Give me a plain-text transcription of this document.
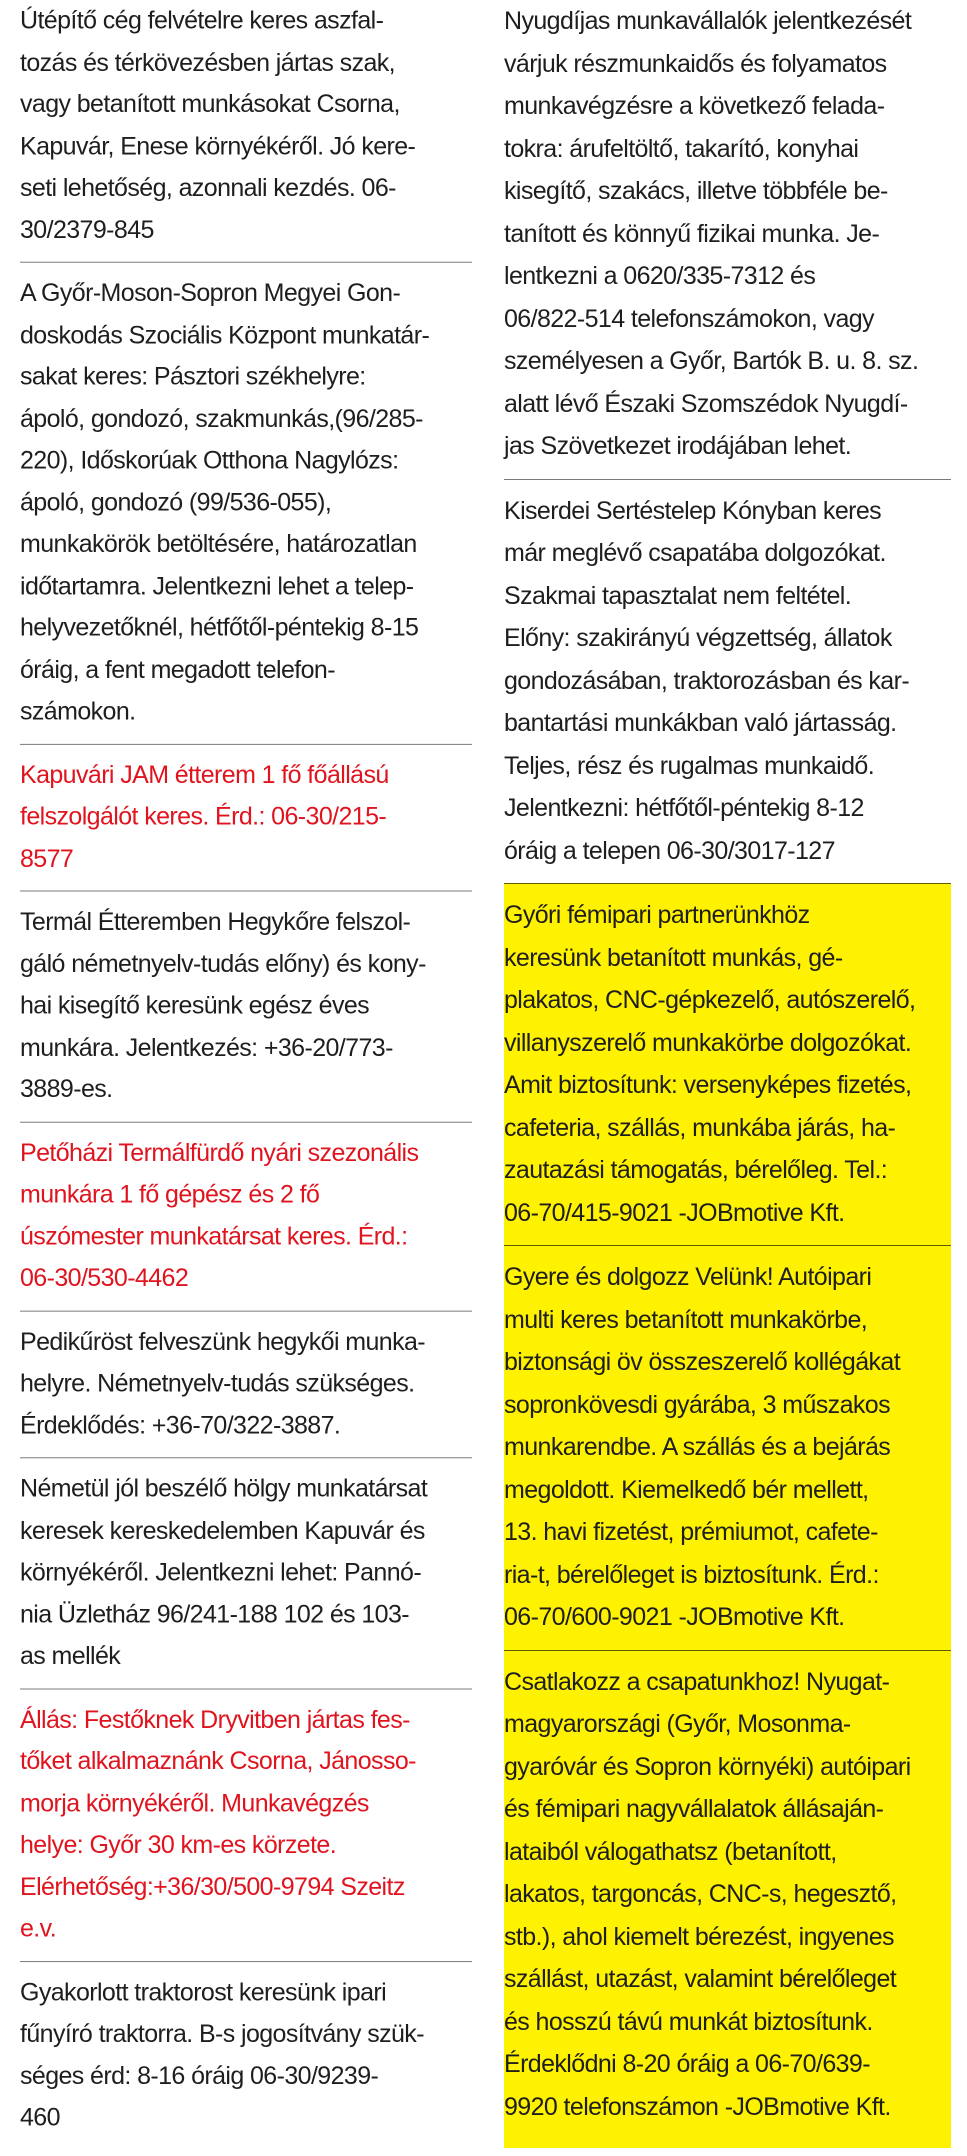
Útépítő cég felvételre keres aszfal-
tozás és térkövezésben jártas szak,
vagy betanított munkásokat Csorna,
Kapuvár, Enese környékéről. Jó kere-
seti lehetőség, azonnali kezdés. 06-
30/2379-845

A Győr-Moson-Sopron Megyei Gon-
doskodás Szociális Központ munkatár-
sakat keres: Pásztori székhelyre:
ápoló, gondozó, szakmunkás,(96/285-
220), Időskorúak Otthona Nagylózs:
ápoló, gondozó (99/536-055),
munkakörök betöltésére, határozatlan
időtartamra. Jelentkezni lehet a telep-
helyvezetőknél, hétfőtől-péntekig 8-15
óráig, a fent megadott telefon-
számokon.

Kapuvári JAM étterem 1 fő főállású
felszolgálót keres. Érd.: 06-30/215-
8577

Termál Étteremben Hegykőre felszol-
gáló németnyelv-tudás előny) és kony-
hai kisegítő keresünk egész éves
munkára. Jelentkezés: +36-20/773-
3889-es.

Petőházi Termálfürdő nyári szezonális
munkára 1 fő gépész és 2 fő
úszómester munkatársat keres. Érd.:
06-30/530-4462

Pedikűröst felveszünk hegykői munka-
helyre. Németnyelv-tudás szükséges.
Érdeklődés: +36-70/322-3887.

Németül jól beszélő hölgy munkatársat
keresek kereskedelemben Kapuvár és
környékéről. Jelentkezni lehet: Pannó-
nia Üzletház 96/241-188 102 és 103-
as mellék

Állás: Festőknek Dryvitben jártas fes-
tőket alkalmaznánk Csorna, Jánosso-
morja környékéről. Munkavégzés
helye: Győr 30 km-es körzete.
Elérhetőség:+36/30/500-9794 Szeitz
e.v.

Gyakorlott traktorost keresünk ipari
fűnyíró traktorra. B-s jogosítvány szük-
séges érd: 8-16 óráig 06-30/9239-
460

Nyugdíjas munkavállalók jelentkezését
várjuk részmunkaidős és folyamatos
munkavégzésre a következő felada-
tokra: árufeltöltő, takarító, konyhai
kisegítő, szakács, illetve többféle be-
tanított és könnyű fizikai munka. Je-
lentkezni a 0620/335-7312 és
06/822-514 telefonszámokon, vagy
személyesen a Győr, Bartók B. u. 8. sz.
alatt lévő Északi Szomszédok Nyugdí-
jas Szövetkezet irodájában lehet.

Kiserdei Sertéstelep Kónyban keres
már meglévő csapatába dolgozókat.
Szakmai tapasztalat nem feltétel.
Előny: szakirányú végzettség, állatok
gondozásában, traktorozásban és kar-
bantartási munkákban való jártasság.
Teljes, rész és rugalmas munkaidő.
Jelentkezni: hétfőtől-péntekig 8-12
óráig a telepen 06-30/3017-127

Győri fémipari partnerünkhöz
keresünk betanított munkás, gé-
plakatos, CNC-gépkezelő, autószerelő,
villanyszerelő munkakörbe dolgozókat.
Amit biztosítunk: versenyképes fizetés,
cafeteria, szállás, munkába járás, ha-
zautazási támogatás, bérelőleg. Tel.:
06-70/415-9021 -JOBmotive Kft.

Gyere és dolgozz Velünk! Autóipari
multi keres betanított munkakörbe,
biztonsági öv összeszerelő kollégákat
sopronkövesdi gyárába, 3 műszakos
munkarendbe. A szállás és a bejárás
megoldott. Kiemelkedő bér mellett,
13. havi fizetést, prémiumot, cafete-
ria-t, bérelőleget is biztosítunk. Érd.:
06-70/600-9021 -JOBmotive Kft.

Csatlakozz a csapatunkhoz! Nyugat-
magyarországi (Győr, Mosonma-
gyaróvár és Sopron környéki) autóipari
és fémipari nagyvállalatok állásaján-
lataiból válogathatsz (betanított,
lakatos, targoncás, CNC-s, hegesztő,
stb.), ahol kiemelt bérezést, ingyenes
szállást, utazást, valamint bérelőleget
és hosszú távú munkát biztosítunk.
Érdeklődni 8-20 óráig a 06-70/639-
9920 telefonszámon -JOBmotive Kft.
